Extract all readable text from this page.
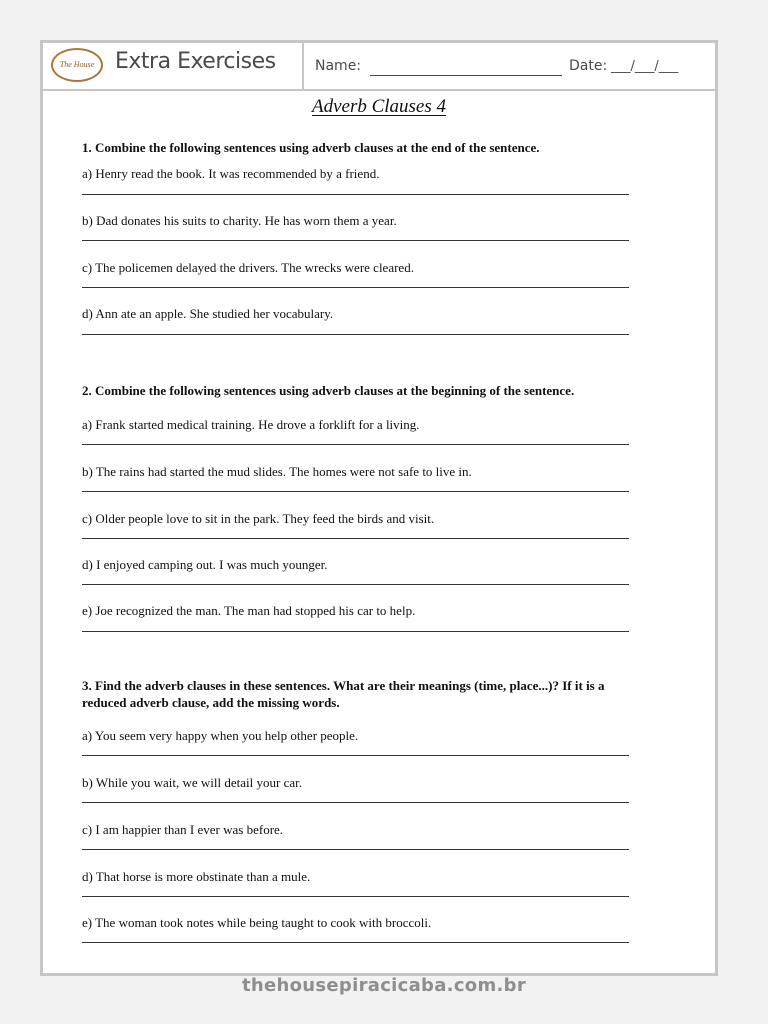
The House Extra Exercises	Name:	Date: ___/___/___
Adverb Clauses 4
1. Combine the following sentences using adverb clauses at the end of the sentence.
a) Henry read the book. It was recommended by a friend.
b) Dad donates his suits to charity. He has worn them a year.
c) The policemen delayed the drivers. The wrecks were cleared.
d) Ann ate an apple. She studied her vocabulary.
2. Combine the following sentences using adverb clauses at the beginning of the sentence.
a) Frank started medical training. He drove a forklift for a living.
b) The rains had started the mud slides. The homes were not safe to live in.
c) Older people love to sit in the park. They feed the birds and visit.
d) I enjoyed camping out. I was much younger.
e) Joe recognized the man. The man had stopped his car to help.
3. Find the adverb clauses in these sentences. What are their meanings (time, place...)? If it is a reduced adverb clause, add the missing words.
a) You seem very happy when you help other people.
b) While you wait, we will detail your car.
c) I am happier than I ever was before.
d) That horse is more obstinate than a mule.
e) The woman took notes while being taught to cook with broccoli.
thehousepiracicaba.com.br
